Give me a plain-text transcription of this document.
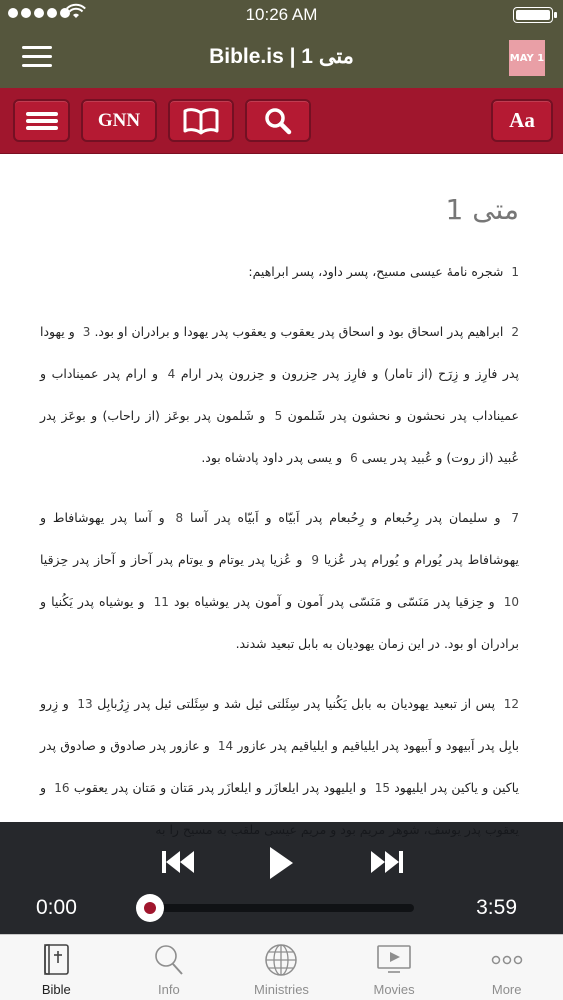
10:26 AM
Bible.is | متی 1	MAY 1
GNN	Aa
متی 1

1 شجره نامهٔ عیسی مسیح، پسر داود، پسر ابراهیم:

2 ابراهیم پدر اسحاق بود و اسحاق پدر یعقوب و یعقوب پدر یهودا و برادران او بود. 3 و یهودا پدر فارِز و زِرَح (از تامار) و فارِز پدر حِزرون و حِزرون پدر ارام 4 و ارام پدر عمیناداب و عمیناداب پدر نحشون و نحشون پدر شَلمون 5 و شَلمون پدر بوعَز (از راحاب) و بوعَز پدر عُبید (از روت) و عُبید پدر یسی 6 و یسی پدر داود پادشاه بود.

7 و سلیمان پدر رِحُبعام و رِحُبعام پدر اَبیّاه و اَبیّاه پدر آسا 8 و آسا پدر یهوشافاط و یهوشافاط پدر یُورام و یُورام پدر عُزیا 9 و عُزیا پدر یوتام و یوتام پدر آحاز و آحاز پدر حِزقیا 10 و حِزقیا پدر مَنَسّی و مَنَسّی پدر آمون و آمون پدر یوشیاه بود 11 و یوشیاه پدر یَکُنیا و برادران او بود. در این زمان یهودیان به بابل تبعید شدند.

12 پس از تبعید یهودیان به بابل یَکُنیا پدر سِئَلتی ئیل شد و سِئَلتی ئیل پدر زِرُبابِل 13 و زِرو بابِل پدر اَبیهود و اَبیهود پدر ایلیاقیم و ایلیاقیم پدر عازور 14 و عازور پدر صادوق و صادوق پدر یاکین و یاکین پدر ایلیهود 15 و ایلیهود پدر ایلعازَر و ایلعازَر پدر مَتان و مَتان پدر یعقوب 16 و

0:00	3:59
Bible	Info	Ministries	Movies	More
